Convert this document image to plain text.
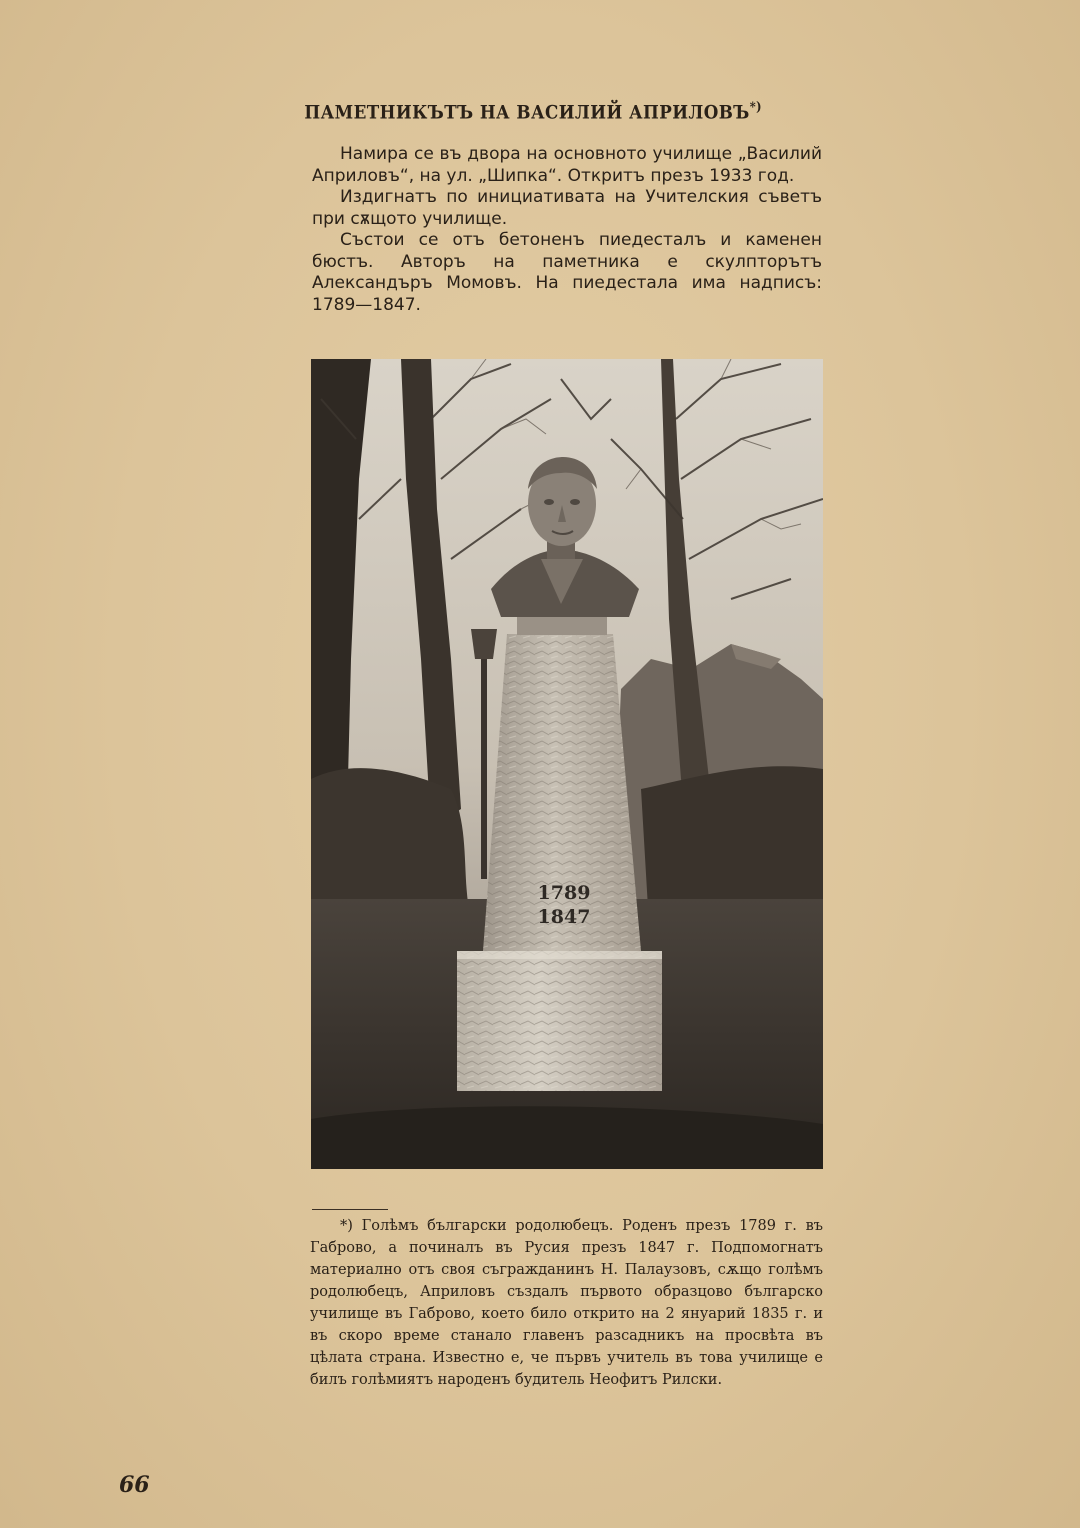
ПАМЕТНИКЪТЪ НА ВАСИЛИЙ АПРИЛОВЪ*)

Намира се въ двора на основното училище „Василий Априловъ“, на ул. „Шипка“. Откритъ презъ 1933 год.

Издигнатъ по инициативата на Учителския съветъ при сѫщото училище.

Състои се отъ бетоненъ пиедесталъ и каменен бюстъ. Авторъ на паметника е скулпторътъ Александъръ Момовъ. На пиедестала има надписъ: 1789—1847.

1789
1847

*) Голѣмъ български родолюбецъ. Роденъ презъ 1789 г. въ Габрово, а починалъ въ Русия презъ 1847 г. Подпомогнатъ материално отъ своя съгражданинъ Н. Палаузовъ, сѫщо голѣмъ родолюбецъ, Априловъ създалъ първото образцово българско училище въ Габрово, което било открито на 2 януарий 1835 г. и въ скоро време станало главенъ разсадникъ на просвѣта въ цѣлата страна. Известно е, че първъ учитель въ това училище е билъ голѣмиятъ народенъ будитель Неофитъ Рилски.

66
